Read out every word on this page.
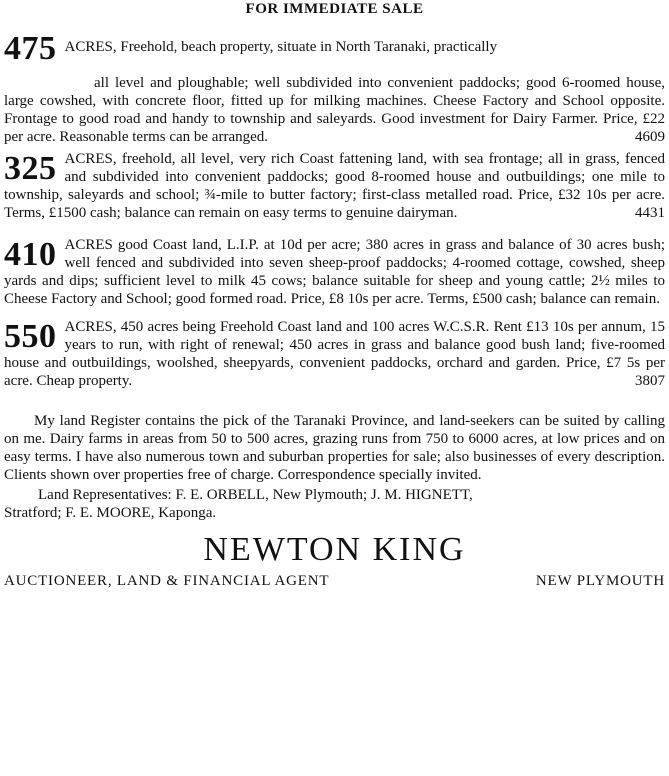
FOR IMMEDIATE SALE
475 ACRES, Freehold, beach property, situate in North Taranaki, practically

all level and ploughable; well subdivided into convenient paddocks; good 6-roomed house, large cowshed, with concrete floor, fitted up for milking machines. Cheese Factory and School opposite. Frontage to good road and handy to township and saleyards. Good investment for Dairy Farmer. Price, £22 per acre. Reasonable terms can be arranged.	4609
325 ACRES, freehold, all level, very rich Coast fattening land, with sea frontage; all in grass, fenced and subdivided into convenient paddocks; good 8-roomed house and outbuildings; one mile to township, saleyards and school; ¾-mile to butter factory; first-class metalled road. Price, £32 10s per acre. Terms, £1500 cash; balance can remain on easy terms to genuine dairyman.	4431
410 ACRES good Coast land, L.I.P. at 10d per acre; 380 acres in grass and balance of 30 acres bush; well fenced and subdivided into seven sheep-proof paddocks; 4-roomed cottage, cowshed, sheep yards and dips; sufficient level to milk 45 cows; balance suitable for sheep and young cattle; 2½ miles to Cheese Factory and School; good formed road. Price, £8 10s per acre. Terms, £500 cash; balance can remain.

550 ACRES, 450 acres being Freehold Coast land and 100 acres W.C.S.R. Rent £13 10s per annum, 15 years to run, with right of renewal; 450 acres in grass and balance good bush land; five-roomed house and outbuildings, woolshed, sheepyards, convenient paddocks, orchard and garden. Price, £7 5s per acre. Cheap property.	3807

My land Register contains the pick of the Taranaki Province, and land-seekers can be suited by calling on me. Dairy farms in areas from 50 to 500 acres, grazing runs from 750 to 6000 acres, at low prices and on easy terms. I have also numerous town and suburban properties for sale; also businesses of every description. Clients shown over properties free of charge. Correspondence specially invited.

Land Representatives: F. E. ORBELL, New Plymouth; J. M. HIGNETT,
Stratford; F. E. MOORE, Kaponga.
NEWTON KING
AUCTIONEER, LAND & FINANCIAL AGENT	NEW PLYMOUTH
